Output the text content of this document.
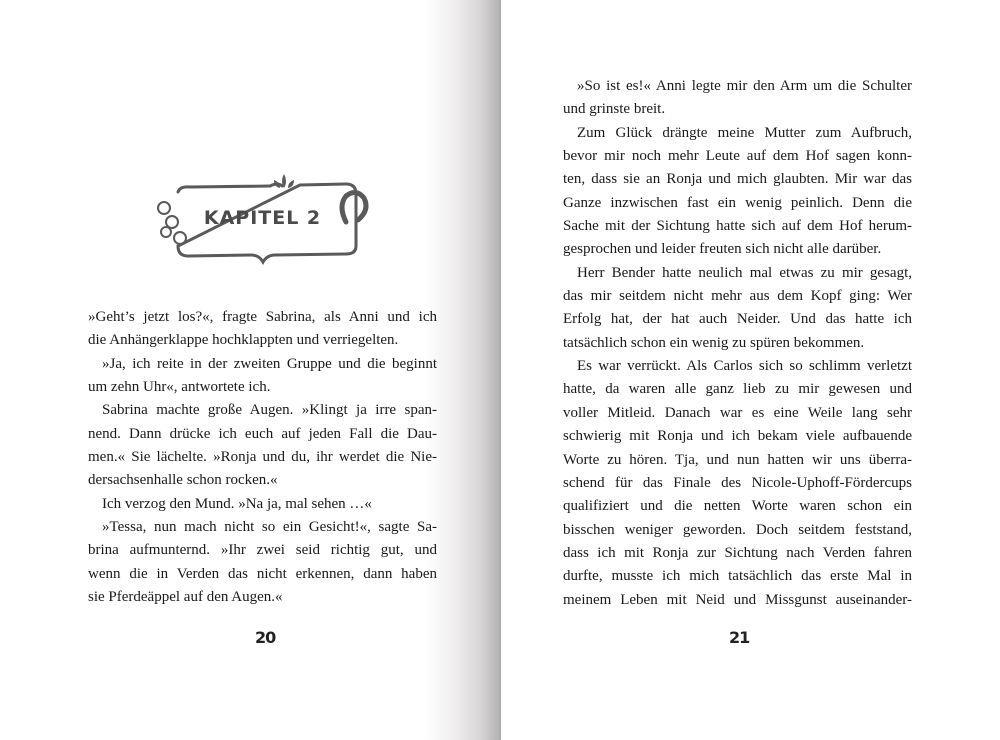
KAPITEL 2
»Geht’s jetzt los?«, fragte Sabrina, als Anni und ich
die Anhängerklappe hochklappten und verriegelten.
»Ja, ich reite in der zweiten Gruppe und die beginnt
um zehn Uhr«, antwortete ich.
Sabrina machte große Augen. »Klingt ja irre span-
nend. Dann drücke ich euch auf jeden Fall die Dau-
men.« Sie lächelte. »Ronja und du, ihr werdet die Nie-
dersachsenhalle schon rocken.«
Ich verzog den Mund. »Na ja, mal sehen …«
»Tessa, nun mach nicht so ein Gesicht!«, sagte Sa-
brina aufmunternd. »Ihr zwei seid richtig gut, und
wenn die in Verden das nicht erkennen, dann haben
sie Pferdeäppel auf den Augen.«
20
»So ist es!« Anni legte mir den Arm um die Schulter
und grinste breit.
Zum Glück drängte meine Mutter zum Aufbruch,
bevor mir noch mehr Leute auf dem Hof sagen konn-
ten, dass sie an Ronja und mich glaubten. Mir war das
Ganze inzwischen fast ein wenig peinlich. Denn die
Sache mit der Sichtung hatte sich auf dem Hof herum-
gesprochen und leider freuten sich nicht alle darüber.
Herr Bender hatte neulich mal etwas zu mir gesagt,
das mir seitdem nicht mehr aus dem Kopf ging: Wer
Erfolg hat, der hat auch Neider. Und das hatte ich
tatsächlich schon ein wenig zu spüren bekommen.
Es war verrückt. Als Carlos sich so schlimm verletzt
hatte, da waren alle ganz lieb zu mir gewesen und
voller Mitleid. Danach war es eine Weile lang sehr
schwierig mit Ronja und ich bekam viele aufbauende
Worte zu hören. Tja, und nun hatten wir uns überra-
schend für das Finale des Nicole-Uphoff-Fördercups
qualifiziert und die netten Worte waren schon ein
bisschen weniger geworden. Doch seitdem feststand,
dass ich mit Ronja zur Sichtung nach Verden fahren
durfte, musste ich mich tatsächlich das erste Mal in
meinem Leben mit Neid und Missgunst auseinander-
21
